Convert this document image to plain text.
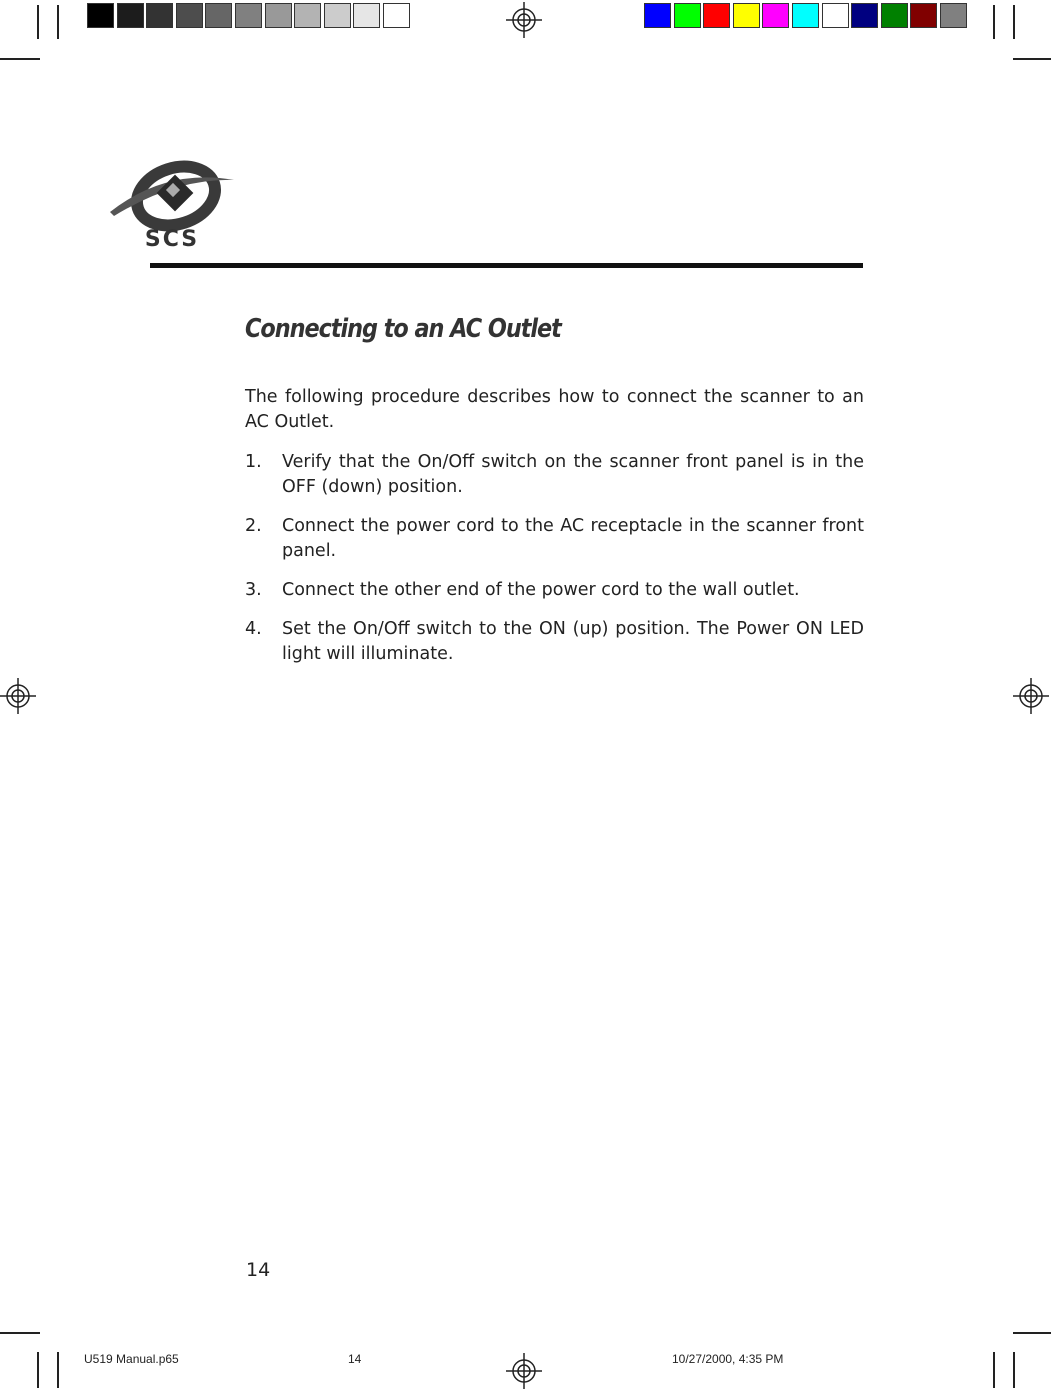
SCS
Connecting to an AC Outlet
The following procedure describes how to connect the scanner to an AC Outlet.
1.	Verify that the On/Off switch on the scanner front panel is in the OFF (down) position.
2.	Connect the power cord to the AC receptacle in the scanner front panel.
3.	Connect the other end of the power cord to the wall outlet.
4.	Set the On/Off switch to the ON (up) position. The Power ON LED light will illuminate.
14
U519 Manual.p65	14	10/27/2000, 4:35 PM
